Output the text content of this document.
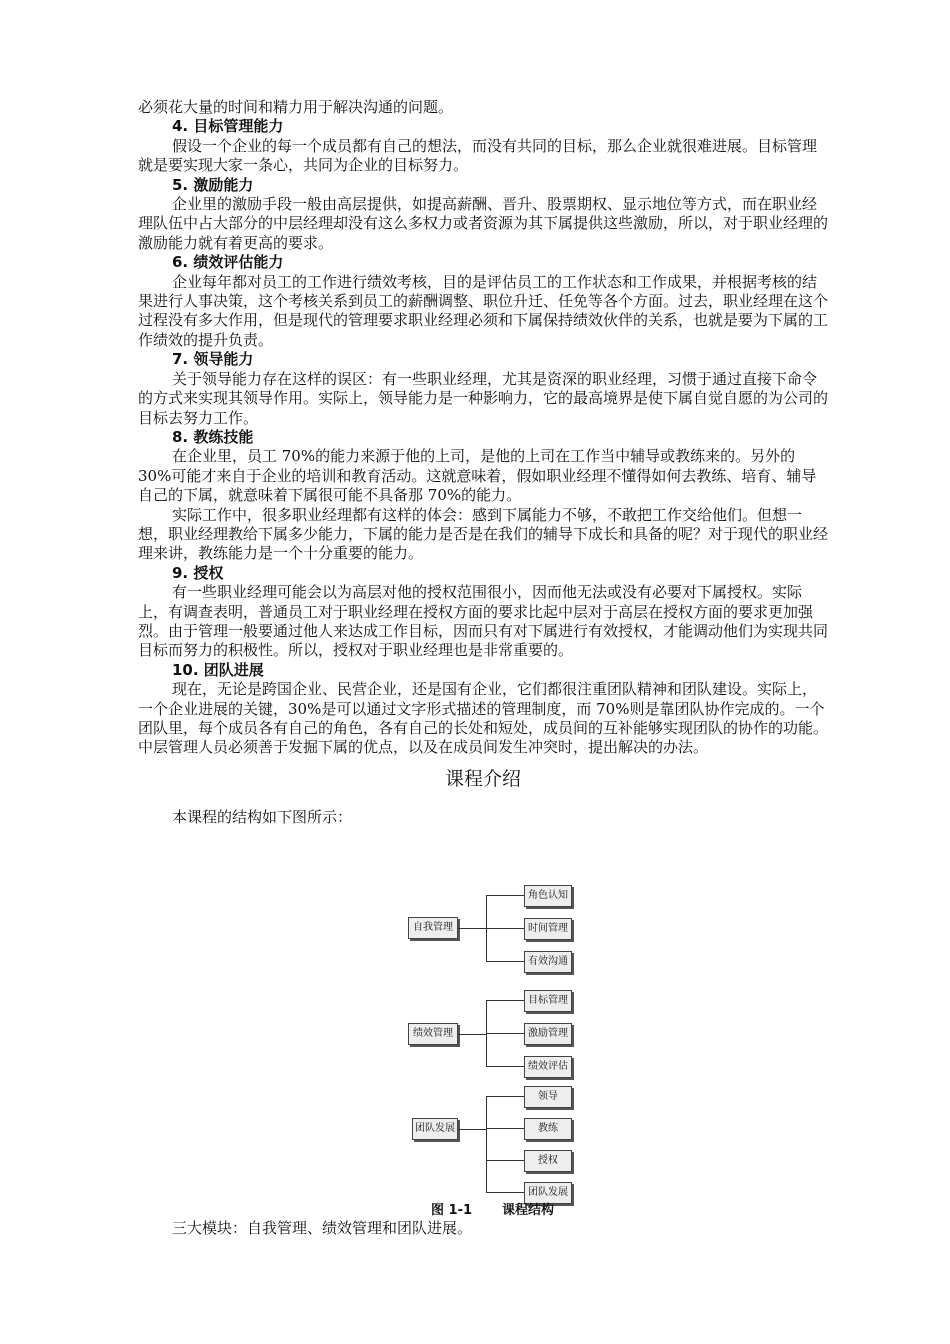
必须花大量的时间和精力用于解决沟通的问题。

4. 目标管理能力

假设一个企业的每一个成员都有自己的想法，而没有共同的目标，那么企业就很难进展。目标管理就是要实现大家一条心，共同为企业的目标努力。

5. 激励能力

企业里的激励手段一般由高层提供，如提高薪酬、晋升、股票期权、显示地位等方式，而在职业经理队伍中占大部分的中层经理却没有这么多权力或者资源为其下属提供这些激励，所以，对于职业经理的激励能力就有着更高的要求。

6. 绩效评估能力

企业每年都对员工的工作进行绩效考核，目的是评估员工的工作状态和工作成果，并根据考核的结果进行人事决策，这个考核关系到员工的薪酬调整、职位升迁、任免等各个方面。过去，职业经理在这个过程没有多大作用，但是现代的管理要求职业经理必须和下属保持绩效伙伴的关系，也就是要为下属的工作绩效的提升负责。

7. 领导能力

关于领导能力存在这样的误区：有一些职业经理，尤其是资深的职业经理，习惯于通过直接下命令的方式来实现其领导作用。实际上，领导能力是一种影响力，它的最高境界是使下属自觉自愿的为公司的目标去努力工作。

8. 教练技能

在企业里，员工 70%的能力来源于他的上司，是他的上司在工作当中辅导或教练来的。另外的 30%可能才来自于企业的培训和教育活动。这就意味着，假如职业经理不懂得如何去教练、培育、辅导自己的下属，就意味着下属很可能不具备那 70%的能力。

实际工作中，很多职业经理都有这样的体会：感到下属能力不够，不敢把工作交给他们。但想一想，职业经理教给下属多少能力，下属的能力是否是在我们的辅导下成长和具备的呢？对于现代的职业经理来讲，教练能力是一个十分重要的能力。

9. 授权

有一些职业经理可能会以为高层对他的授权范围很小，因而他无法或没有必要对下属授权。实际上，有调查表明，普通员工对于职业经理在授权方面的要求比起中层对于高层在授权方面的要求更加强烈。由于管理一般要通过他人来达成工作目标，因而只有对下属进行有效授权，才能调动他们为实现共同目标而努力的积极性。所以，授权对于职业经理也是非常重要的。

10. 团队进展

现在，无论是跨国企业、民营企业，还是国有企业，它们都很注重团队精神和团队建设。实际上，一个企业进展的关键，30%是可以通过文字形式描述的管理制度，而 70%则是靠团队协作完成的。一个团队里，每个成员各有自己的角色，各有自己的长处和短处，成员间的互补能够实现团队的协作的功能。中层管理人员必须善于发掘下属的优点，以及在成员间发生冲突时，提出解决的办法。

课程介绍

本课程的结构如下图所示：

自我管理
角色认知
时间管理
有效沟通
绩效管理
目标管理
激励管理
绩效评估
团队发展
领导
教练
授权
团队发展
图 1-1 课程结构

三大模块：自我管理、绩效管理和团队进展。
